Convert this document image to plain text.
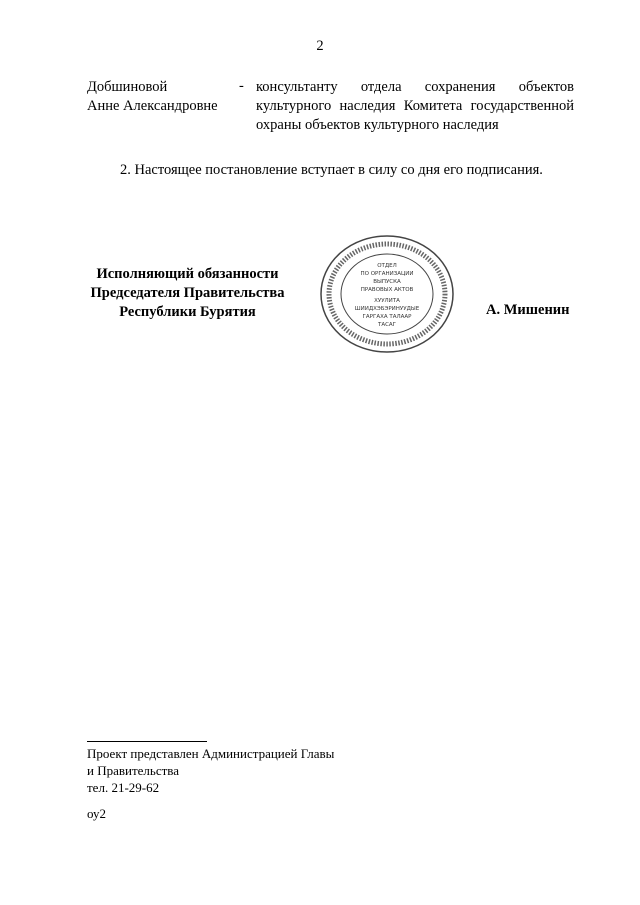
2
Добшиновой
Анне Александровне
- консультанту отдела сохранения объектов культурного наследия Комитета государственной охраны объектов культурного наследия
2. Настоящее постановление вступает в силу со дня его подписания.
Исполняющий обязанности
Председателя Правительства
Республики Бурятия
ОТДЕЛ
ПО ОРГАНИЗАЦИИ
ВЫПУСКА
ПРАВОВЫХ АКТОВ
ХУУЛИТА
ШИИДХЭБЭРИНУУДЫЕ
ГАРГАХА ТАЛААР
ТАСАГ
А. Мишенин
Проект представлен Администрацией Главы
и Правительства
тел. 21-29-62
оу2
